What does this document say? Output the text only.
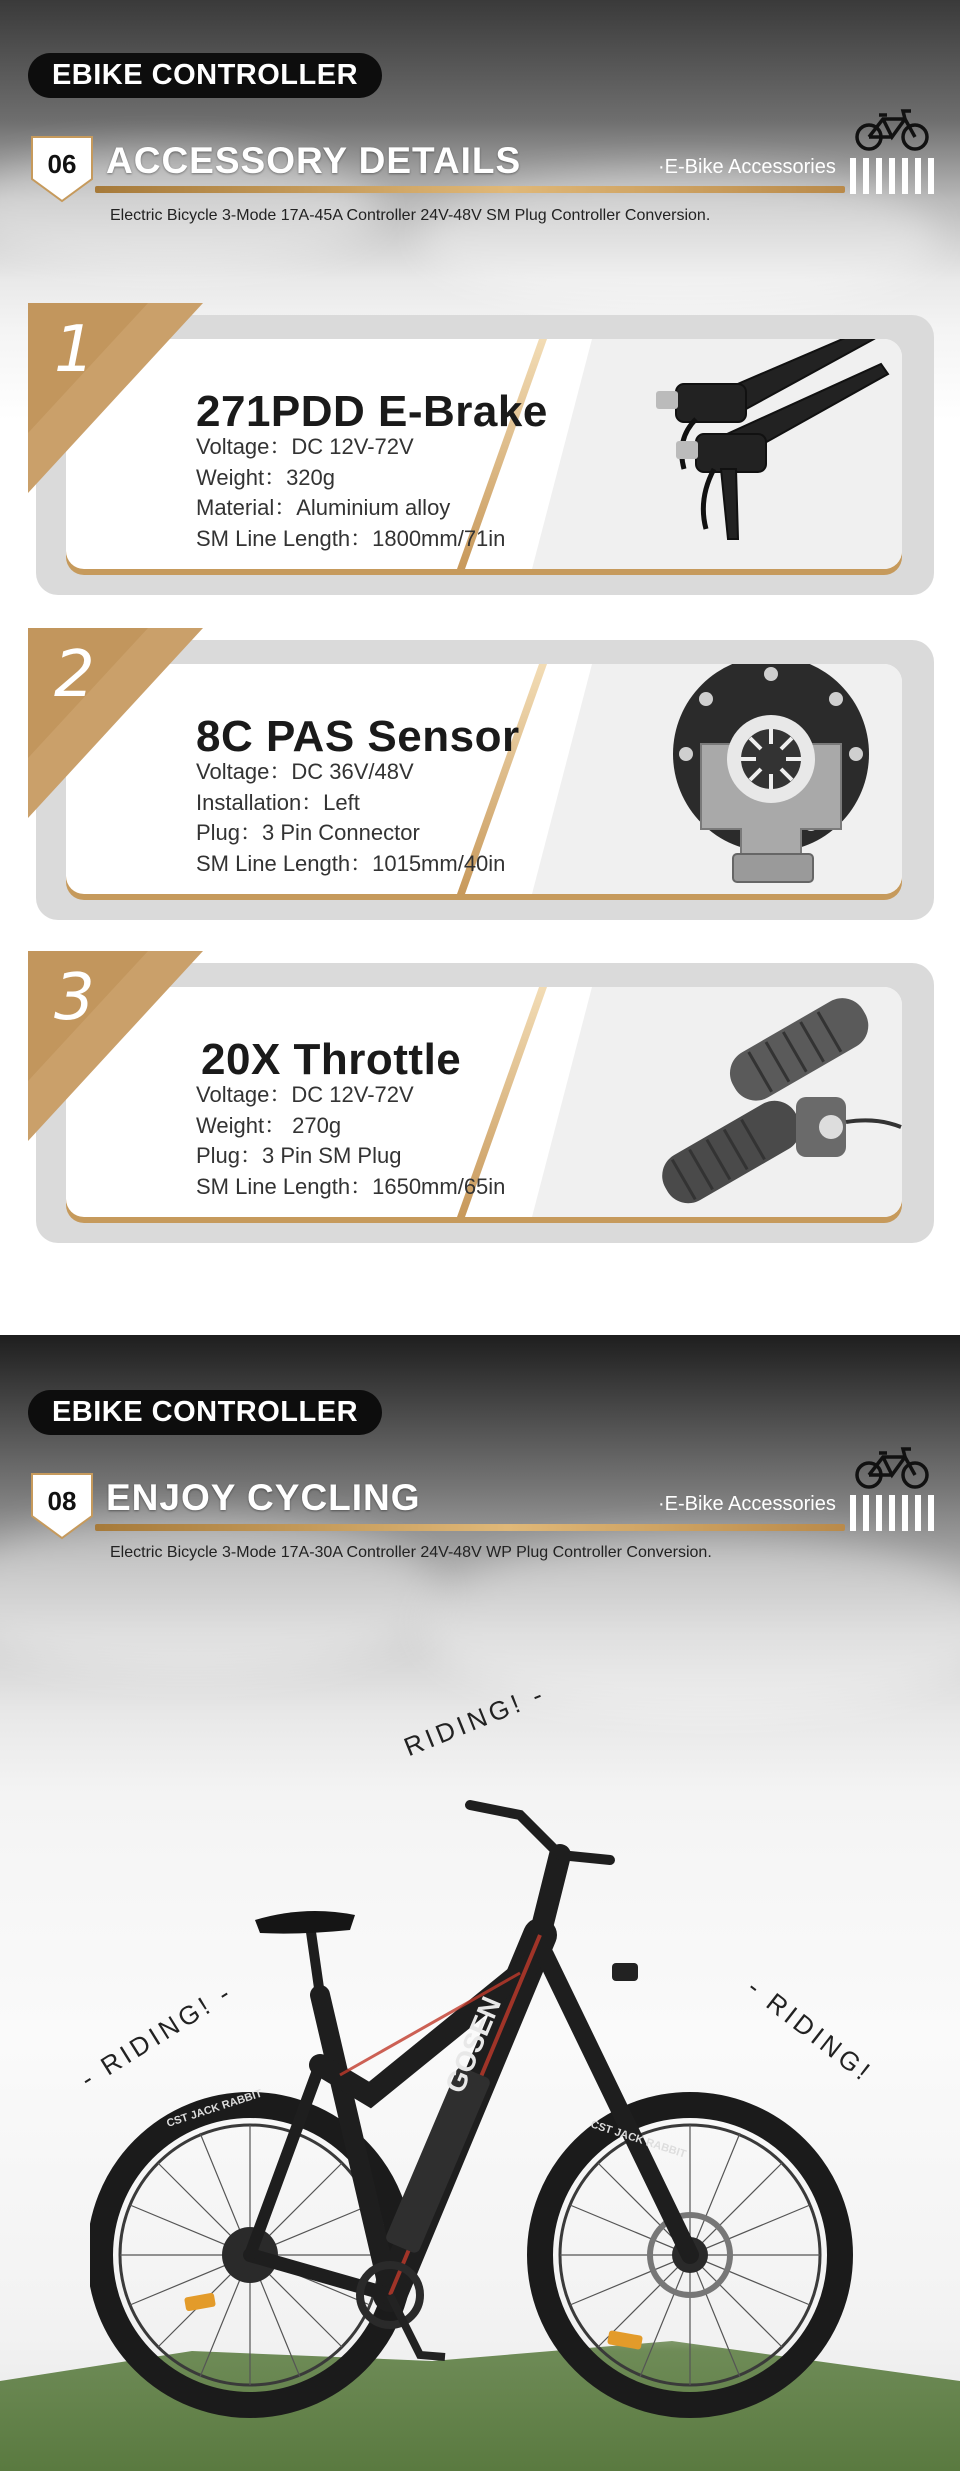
EBIKE CONTROLLER
06 ACCESSORY DETAILS	·E-Bike Accessories
Electric Bicycle 3-Mode 17A-45A Controller 24V-48V SM Plug Controller Conversion.
271PDD E-Brake
Voltage：DC 12V-72V
Weight：320g
Material：Aluminium alloy
SM Line Length：1800mm/71in
1
8C PAS Sensor
Voltage：DC 36V/48V
Installation：Left
Plug：3 Pin Connector
SM Line Length：1015mm/40in
2
20X Throttle
Voltage：DC 12V-72V
Weight： 270g
Plug：3 Pin SM Plug
SM Line Length：1650mm/65in
3
EBIKE CONTROLLER
08 ENJOY CYCLING	·E-Bike Accessories
Electric Bicycle 3-Mode 17A-30A Controller 24V-48V WP Plug Controller Conversion.
RIDING! -
- RIDING! -	- RIDING!
GOSEN
CST JACK RABBIT
CST JACK RABBIT
